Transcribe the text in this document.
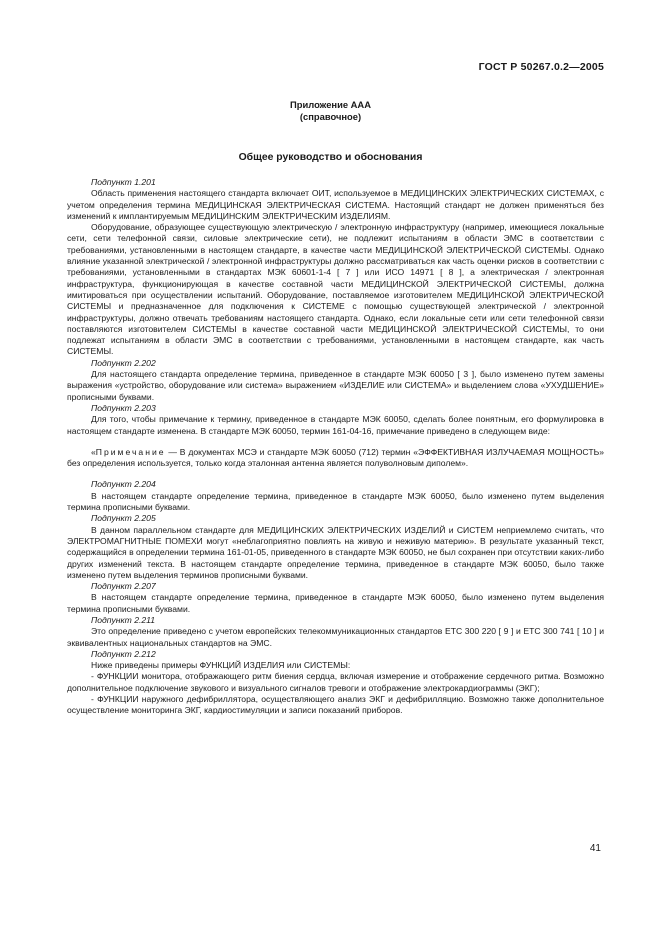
ГОСТ Р 50267.0.2—2005
Приложение ААА
(справочное)
Общее руководство и обоснования

Подпункт 1.201

Область применения настоящего стандарта включает ОИТ, используемое в МЕДИЦИНСКИХ ЭЛЕКТРИЧЕСКИХ СИСТЕМАХ, с учетом определения термина МЕДИЦИНСКАЯ ЭЛЕКТРИЧЕСКАЯ СИСТЕМА. Настоящий стандарт не должен применяться без изменений к имплантируемым МЕДИЦИНСКИМ ЭЛЕКТРИЧЕСКИМ ИЗДЕЛИЯМ.

Оборудование, образующее существующую электрическую / электронную инфраструктуру (например, имеющиеся локальные сети, сети телефонной связи, силовые электрические сети), не подлежит испытаниям в области ЭМС в соответствии с требованиями, установленными в настоящем стандарте, в качестве части МЕДИЦИНСКОЙ ЭЛЕКТРИЧЕСКОЙ СИСТЕМЫ. Однако влияние указанной электрической / электронной инфраструктуры должно рассматриваться как часть оценки рисков в соответствии с требованиями, установленными в стандартах МЭК 60601-1-4 [ 7 ] или ИСО 14971 [ 8 ], а электрическая / электронная инфраструктура, функционирующая в качестве составной части МЕДИЦИНСКОЙ ЭЛЕКТРИЧЕСКОЙ СИСТЕМЫ, должна имитироваться при осуществлении испытаний. Оборудование, поставляемое изготовителем МЕДИЦИНСКОЙ ЭЛЕКТРИЧЕСКОЙ СИСТЕМЫ и предназначенное для подключения к СИСТЕМЕ с помощью существующей электрической / электронной инфраструктуры, должно отвечать требованиям настоящего стандарта. Однако, если локальные сети или сети телефонной связи поставляются изготовителем СИСТЕМЫ в качестве составной части МЕДИЦИНСКОЙ ЭЛЕКТРИЧЕСКОЙ СИСТЕМЫ, то они подлежат испытаниям в области ЭМС в соответствии с требованиями, установленными в настоящем стандарте, как часть СИСТЕМЫ.

Подпункт 2.202

Для настоящего стандарта определение термина, приведенное в стандарте МЭК 60050 [ 3 ], было изменено путем замены выражения «устройство, оборудование или система» выражением «ИЗДЕЛИЕ или СИСТЕМА» и выделением слова «УХУДШЕНИЕ» прописными буквами.

Подпункт 2.203

Для того, чтобы примечание к термину, приведенное в стандарте МЭК 60050, сделать более понятным, его формулировка в настоящем стандарте изменена. В стандарте МЭК 60050, термин 161-04-16, примечание приведено в следующем виде:

«Примечание — В документах МСЭ и стандарте МЭК 60050 (712) термин «ЭФФЕКТИВНАЯ ИЗЛУЧАЕМАЯ МОЩНОСТЬ» без определения используется, только когда эталонная антенна является полуволновым диполем».

Подпункт 2.204

В настоящем стандарте определение термина, приведенное в стандарте МЭК 60050, было изменено путем выделения термина прописными буквами.

Подпункт 2.205

В данном параллельном стандарте для МЕДИЦИНСКИХ ЭЛЕКТРИЧЕСКИХ ИЗДЕЛИЙ и СИСТЕМ неприемлемо считать, что ЭЛЕКТРОМАГНИТНЫЕ ПОМЕХИ могут «неблагоприятно повлиять на живую и неживую материю». В результате указанный текст, содержащийся в определении термина 161-01-05, приведенного в стандарте МЭК 60050, не был сохранен при отсутствии каких-либо других изменений текста. В настоящем стандарте определение термина, приведенное в стандарте МЭК 60050, было также изменено путем выделения терминов прописными буквами.

Подпункт 2.207

В настоящем стандарте определение термина, приведенное в стандарте МЭК 60050, было изменено путем выделения термина прописными буквами.

Подпункт 2.211

Это определение приведено с учетом европейских телекоммуникационных стандартов ЕТС 300 220 [ 9 ] и ЕТС 300 741 [ 10 ] и эквивалентных национальных стандартов на ЭМС.

Подпункт 2.212

Ниже приведены примеры ФУНКЦИЙ ИЗДЕЛИЯ или СИСТЕМЫ:

- ФУНКЦИИ монитора, отображающего ритм биения сердца, включая измерение и отображение сердечного ритма. Возможно дополнительное подключение звукового и визуального сигналов тревоги и отображение электрокардиограммы (ЭКГ);

- ФУНКЦИИ наружного дефибриллятора, осуществляющего анализ ЭКГ и дефибрилляцию. Возможно также дополнительное осуществление мониторинга ЭКГ, кардиостимуляции и записи показаний приборов.

41
